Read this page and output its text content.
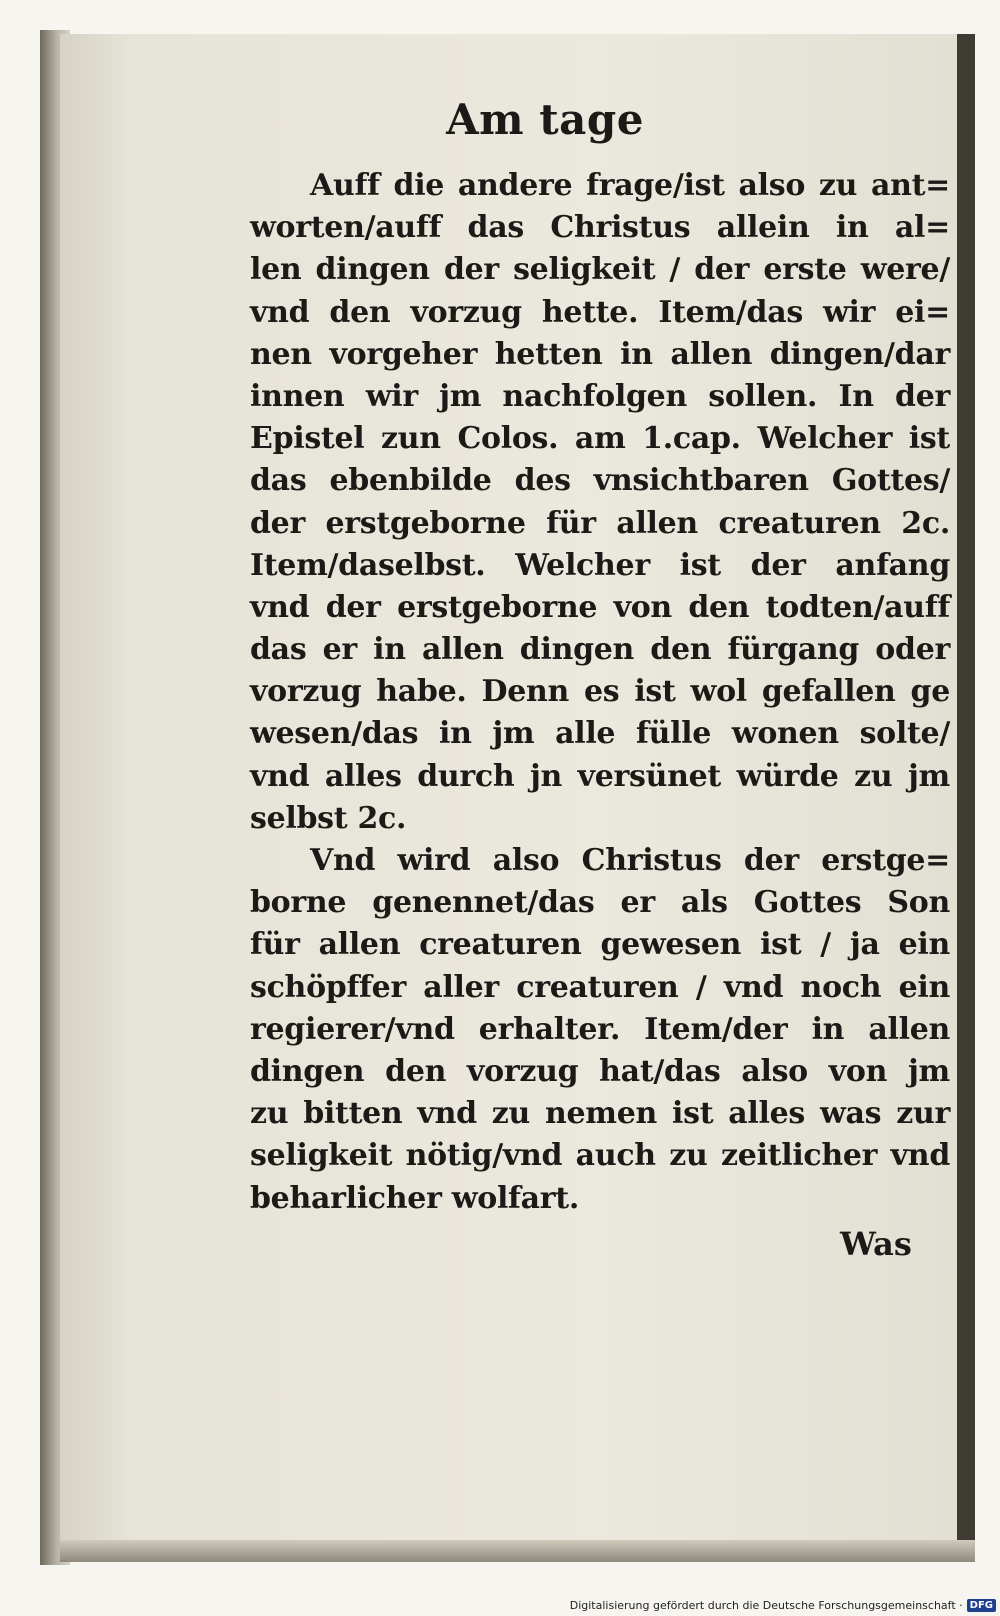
Am tage
Auff die andere frage/ist also zu ant=
worten/auff das Christus allein in al=
len dingen der seligkeit / der erste were/
vnd den vorzug hette. Item/das wir ei=
nen vorgeher hetten in allen dingen/dar
innen wir jm nachfolgen sollen. In der
Epistel zun Colos. am 1.cap. Welcher ist
das ebenbilde des vnsichtbaren Gottes/
der erstgeborne für allen creaturen 2c.
Item/daselbst. Welcher ist der anfang
vnd der erstgeborne von den todten/auff
das er in allen dingen den fürgang oder
vorzug habe. Denn es ist wol gefallen ge
wesen/das in jm alle fülle wonen solte/
vnd alles durch jn versünet würde zu jm
selbst 2c.
Vnd wird also Christus der erstge=
borne genennet/das er als Gottes Son
für allen creaturen gewesen ist / ja ein
schöpffer aller creaturen / vnd noch ein
regierer/vnd erhalter. Item/der in allen
dingen den vorzug hat/das also von jm
zu bitten vnd zu nemen ist alles was zur
seligkeit nötig/vnd auch zu zeitlicher vnd
beharlicher wolfart.
Was
Digitalisierung gefördert durch die Deutsche Forschungsgemeinschaft · DFG
